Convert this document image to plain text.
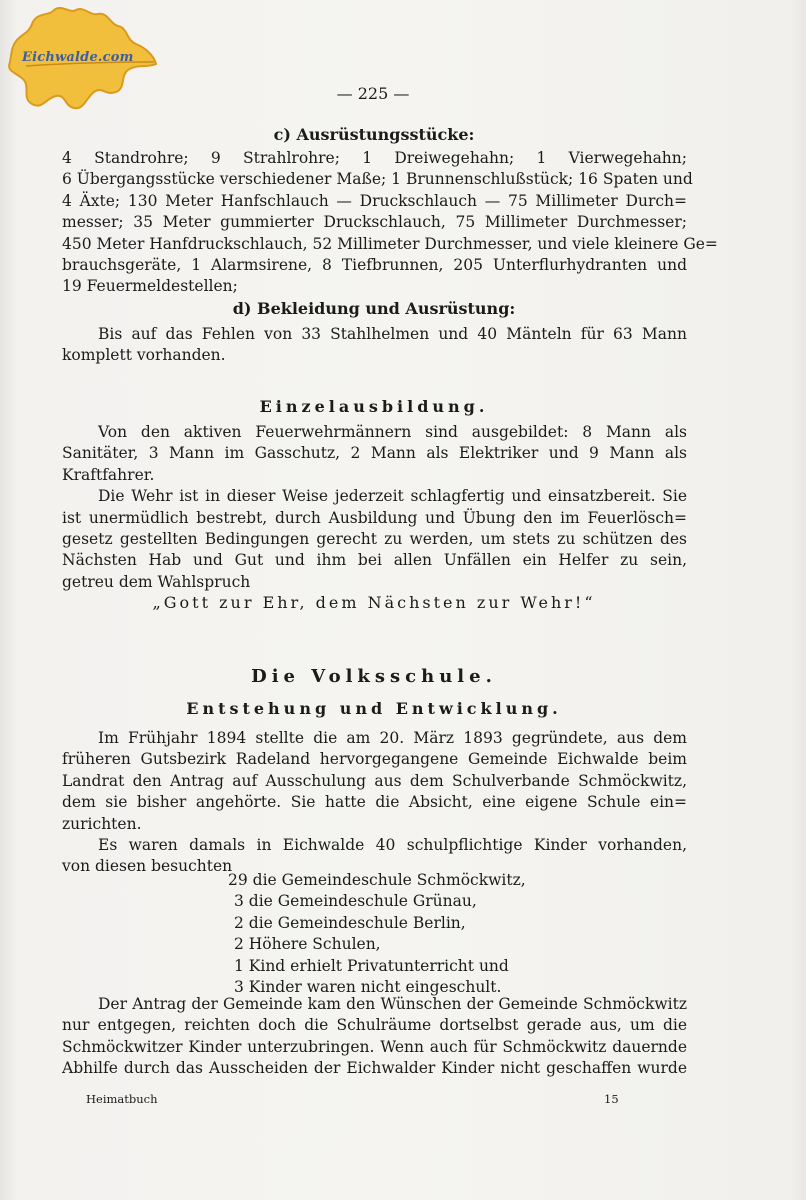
Eichwalde.com
— 225 —
c) Ausrüstungsstücke:
4 Standrohre; 9 Strahlrohre; 1 Dreiwegehahn; 1 Vierwegehahn;
6 Übergangsstücke verschiedener Maße; 1 Brunnenschlußstück; 16 Spaten und
4 Äxte; 130 Meter Hanfschlauch — Druckschlauch — 75 Millimeter Durch=
messer; 35 Meter gummierter Druckschlauch, 75 Millimeter Durchmesser;
450 Meter Hanfdruckschlauch, 52 Millimeter Durchmesser, und viele kleinere Ge=
brauchsgeräte, 1 Alarmsirene, 8 Tiefbrunnen, 205 Unterflurhydranten und
19 Feuermeldestellen;
d) Bekleidung und Ausrüstung:
Bis auf das Fehlen von 33 Stahlhelmen und 40 Mänteln für 63 Mann
komplett vorhanden.
Einzelausbildung.
Von den aktiven Feuerwehrmännern sind ausgebildet: 8 Mann als
Sanitäter, 3 Mann im Gasschutz, 2 Mann als Elektriker und 9 Mann als
Kraftfahrer.
Die Wehr ist in dieser Weise jederzeit schlagfertig und einsatzbereit. Sie
ist unermüdlich bestrebt, durch Ausbildung und Übung den im Feuerlösch=
gesetz gestellten Bedingungen gerecht zu werden, um stets zu schützen des
Nächsten Hab und Gut und ihm bei allen Unfällen ein Helfer zu sein,
getreu dem Wahlspruch
„Gott zur Ehr, dem Nächsten zur Wehr!“
Die Volksschule.
Entstehung und Entwicklung.
Im Frühjahr 1894 stellte die am 20. März 1893 gegründete, aus dem
früheren Gutsbezirk Radeland hervorgegangene Gemeinde Eichwalde beim
Landrat den Antrag auf Ausschulung aus dem Schulverbande Schmöckwitz,
dem sie bisher angehörte. Sie hatte die Absicht, eine eigene Schule ein=
zurichten.
Es waren damals in Eichwalde 40 schulpflichtige Kinder vorhanden,
von diesen besuchten
29 die Gemeindeschule Schmöckwitz,
3 die Gemeindeschule Grünau,
2 die Gemeindeschule Berlin,
2 Höhere Schulen,
1 Kind erhielt Privatunterricht und
3 Kinder waren nicht eingeschult.
Der Antrag der Gemeinde kam den Wünschen der Gemeinde Schmöckwitz
nur entgegen, reichten doch die Schulräume dortselbst gerade aus, um die
Schmöckwitzer Kinder unterzubringen. Wenn auch für Schmöckwitz dauernde
Abhilfe durch das Ausscheiden der Eichwalder Kinder nicht geschaffen wurde
Heimatbuch	15
